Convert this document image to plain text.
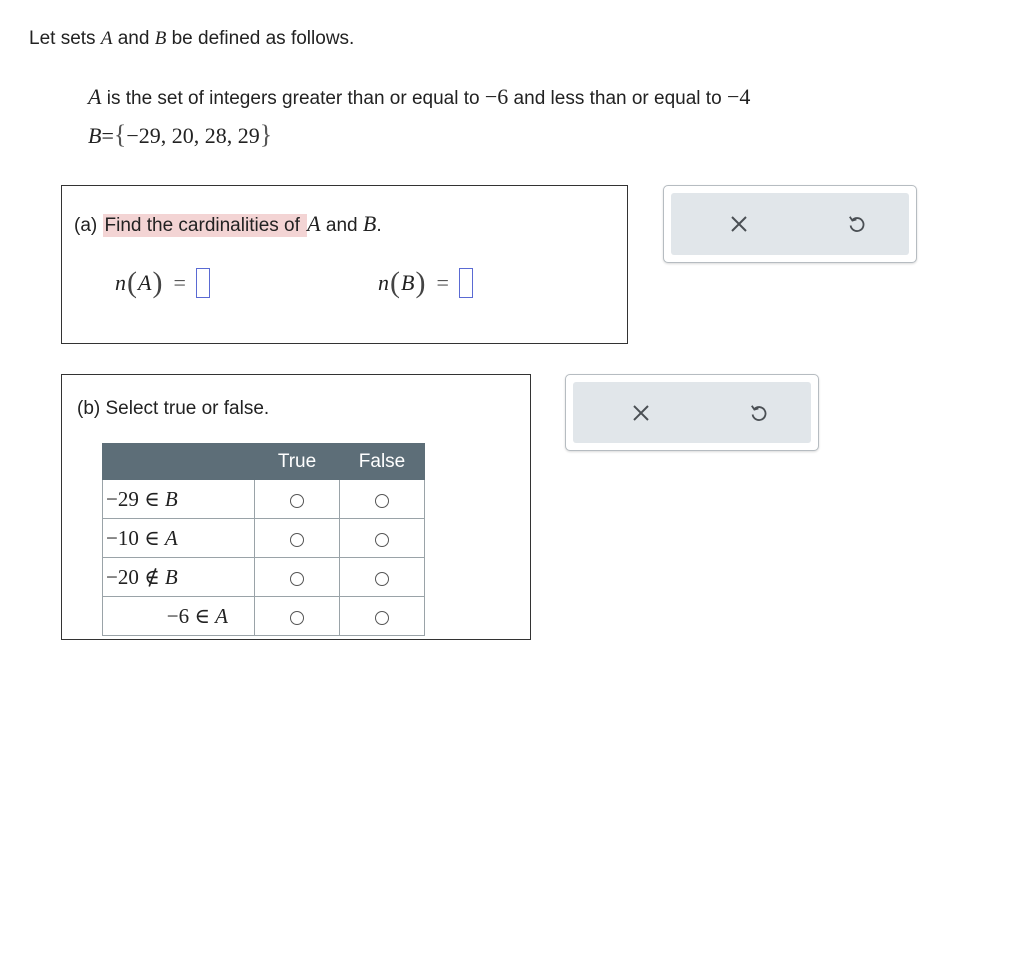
Let sets A and B be defined as follows.
A is the set of integers greater than or equal to −6 and less than or equal to −4
B={−29, 20, 28, 29}
(a) Find the cardinalities of A and B.
n ( A ) =	n ( B ) =
(b) Select true or false.
	True	False
−29 ∈ B		
−10 ∈ A		
−20 ∉ B		
−6 ∈ A		
